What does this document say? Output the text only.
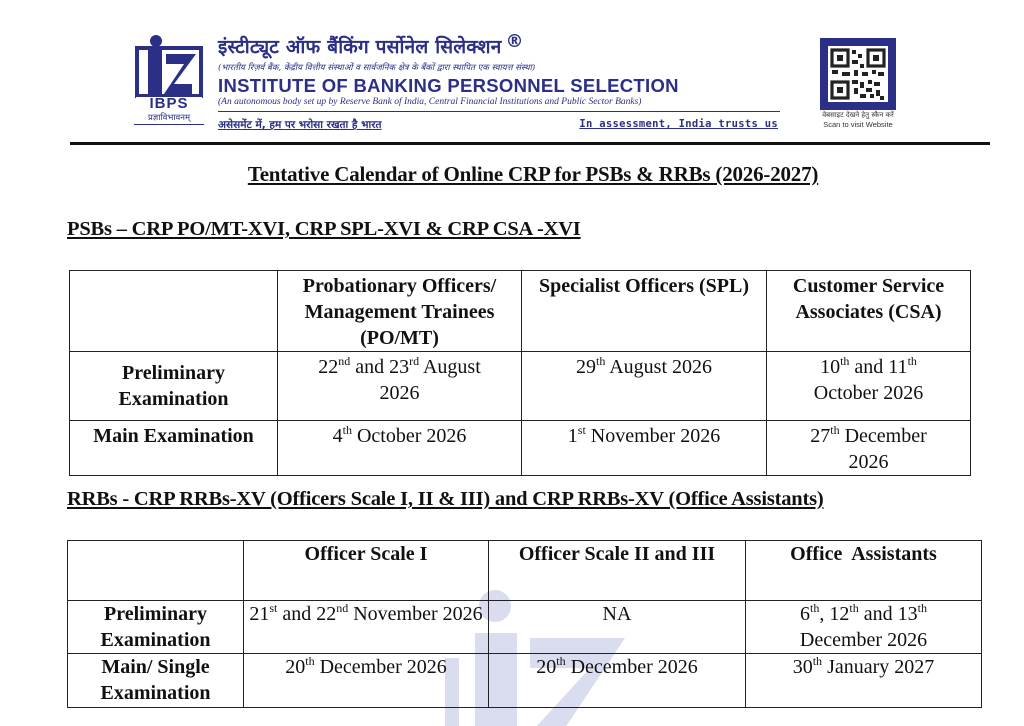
IBPS
प्रज्ञाविभावनम्
इंस्टीट्यूट ऑफ बैंकिंग पर्सोनेल सिलेक्शन ®
(भारतीय रिज़र्व बैंक, केंद्रीय वित्तीय संस्थाओं व सार्वजनिक क्षेत्र के बैंकों द्वारा स्थापित एक स्वायत्त संस्था)
INSTITUTE OF BANKING PERSONNEL SELECTION
(An autonomous body set up by Reserve Bank of India, Central Financial Institutions and Public Sector Banks)
असेसमेंट में, हम पर भरोसा रखता है भारत	In assessment, India trusts us
वेबसाइट देखने हेतु स्कैन करें
Scan to visit Website
Tentative Calendar of Online CRP for PSBs & RRBs (2026-2027)
PSBs – CRP PO/MT-XVI, CRP SPL-XVI & CRP CSA -XVI
	Probationary Officers/ Management Trainees (PO/MT)	Specialist Officers (SPL)	Customer Service Associates (CSA)
Preliminary Examination	22nd and 23rd August 2026	29th August 2026	10th and 11th October 2026
Main Examination	4th October 2026	1st November 2026	27th December 2026
RRBs - CRP RRBs-XV (Officers Scale I, II & III) and CRP RRBs-XV (Office Assistants)
	Officer Scale I	Officer Scale II and III	Office  Assistants
Preliminary Examination	21st and 22nd November 2026	NA	6th, 12th and 13th December 2026
Main/ Single Examination	20th December 2026	20th December 2026	30th January 2027
